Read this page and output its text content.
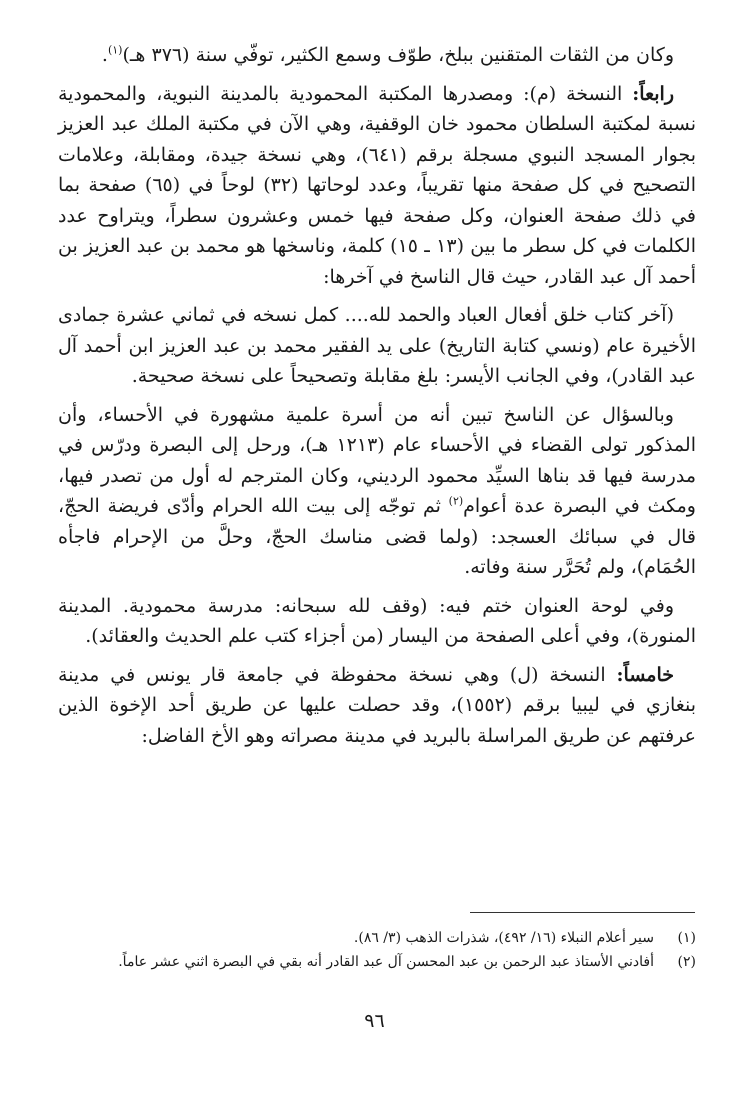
وكان من الثقات المتقنين ببلخ، طوّف وسمع الكثير، توفّي سنة (٣٧٦ هـ)$^{(١)}$.

رابعاً: النسخة (م): ومصدرها المكتبة المحمودية بالمدينة النبوية، والمحمودية نسبة لمكتبة السلطان محمود خان الوقفية، وهي الآن في مكتبة الملك عبد العزيز بجوار المسجد النبوي مسجلة برقم (٦٤١)، وهي نسخة جيدة، ومقابلة، وعلامات التصحيح في كل صفحة منها تقريباً، وعدد لوحاتها (٣٢) لوحاً في (٦٥) صفحة بما في ذلك صفحة العنوان، وكل صفحة فيها خمس وعشرون سطراً، ويتراوح عدد الكلمات في كل سطر ما بين (١٣ ـ ١٥) كلمة، وناسخها هو محمد بن عبد العزيز بن أحمد آل عبد القادر، حيث قال الناسخ في آخرها:

(آخر كتاب خلق أفعال العباد والحمد لله.... كمل نسخه في ثماني عشرة جمادى الأخيرة عام (ونسي كتابة التاريخ) على يد الفقير محمد بن عبد العزيز ابن أحمد آل عبد القادر)، وفي الجانب الأيسر: بلغ مقابلة وتصحيحاً على نسخة صحيحة.

وبالسؤال عن الناسخ تبين أنه من أسرة علمية مشهورة في الأحساء، وأن المذكور تولى القضاء في الأحساء عام (١٢١٣ هـ)، ورحل إلى البصرة ودرّس في مدرسة فيها قد بناها السيِّد محمود الرديني، وكان المترجم له أول من تصدر فيها، ومكث في البصرة عدة أعوام$^{(٢)}$ ثم توجّه إلى بيت الله الحرام وأدّى فريضة الحجّ، قال في سبائك العسجد: (ولما قضى مناسك الحجّ، وحلَّ من الإحرام فاجأه الحُمَام)، ولم تُحَرَّر سنة وفاته.

وفي لوحة العنوان ختم فيه: (وقف لله سبحانه: مدرسة محمودية. المدينة المنورة)، وفي أعلى الصفحة من اليسار (من أجزاء كتب علم الحديث والعقائد).

خامساً: النسخة (ل) وهي نسخة محفوظة في جامعة قار يونس في مدينة بنغازي في ليبيا برقم (١٥٥٢)، وقد حصلت عليها عن طريق أحد الإخوة الذين عرفتهم عن طريق المراسلة بالبريد في مدينة مصراته وهو الأخ الفاضل:

(١)
سير أعلام النبلاء (١٦/ ٤٩٢)، شذرات الذهب (٣/ ٨٦).
(٢)
أفادني الأستاذ عبد الرحمن بن عبد المحسن آل عبد القادر أنه بقي في البصرة اثني عشر عاماً.
٩٦
